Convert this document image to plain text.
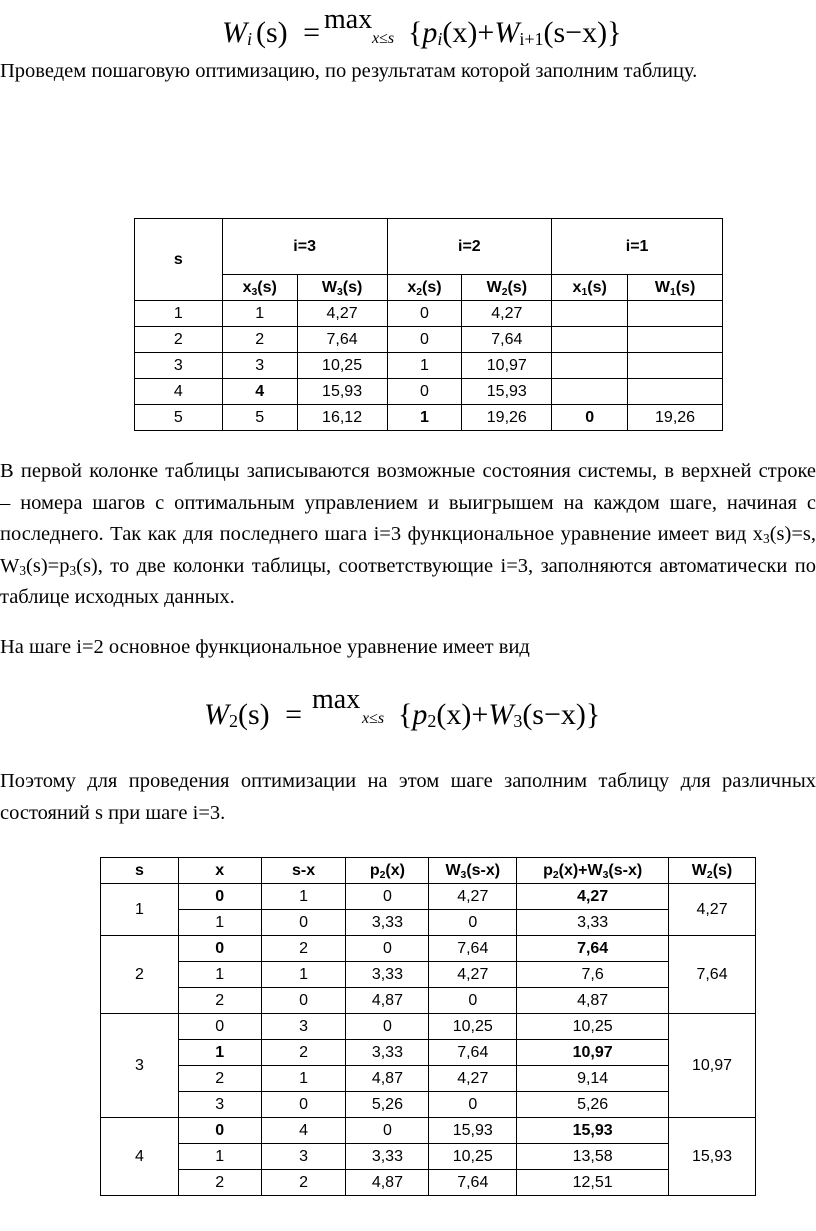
max
x≤s
$W_i$ (s) =	$\{p_i(x)+W_{i+1}(s-x)\}$
Проведем пошаговую оптимизацию, по результатам которой заполним таблицу.
s	i=3		i=2		i=1	
	$x_3(s)$	$W_3(s)$	$x_2(s)$	$W_2(s)$	$x_1(s)$	$W_1(s)$
1	1	4,27	0	4,27		
2	2	7,64	0	7,64		
3	3	10,25	1	10,97		
4	4	15,93	0	15,93		
5	5	16,12	1	19,26	0	19,26
В первой колонке таблицы записываются возможные состояния системы, в верхней строке
– номера шагов с оптимальным управлением и выигрышем на каждом шаге, начиная с
последнего. Так как для последнего шага i=3 функциональное уравнение имеет вид $x_3(s)=s$,
$W_3(s)=p_3(s)$, то две колонки таблицы, соответствующие i=3, заполняются автоматически по
таблице исходных данных.
На шаге i=2 основное функциональное уравнение имеет вид
max
x≤s
$W_2(s)$ =	$\{p_2(x)+W_3(s-x)\}$
Поэтому для проведения оптимизации на этом шаге заполним таблицу для различных
состояний s при шаге i=3.
s	x	s-x	$p_2(x)$	$W_3(s-x)$	$p_2(x)+W_3(s-x)$	$W_2(s)$
1	0	1	0	4,27	4,27	4,27
	1	0	3,33	0	3,33	
2	0	2	0	7,64	7,64	7,64
	1	1	3,33	4,27	7,6	
	2	0	4,87	0	4,87	
3	0	3	0	10,25	10,25	10,97
	1	2	3,33	7,64	10,97	
	2	1	4,87	4,27	9,14	
	3	0	5,26	0	5,26	
4	0	4	0	15,93	15,93	15,93
	1	3	3,33	10,25	13,58	
	2	2	4,87	7,64	12,51	
